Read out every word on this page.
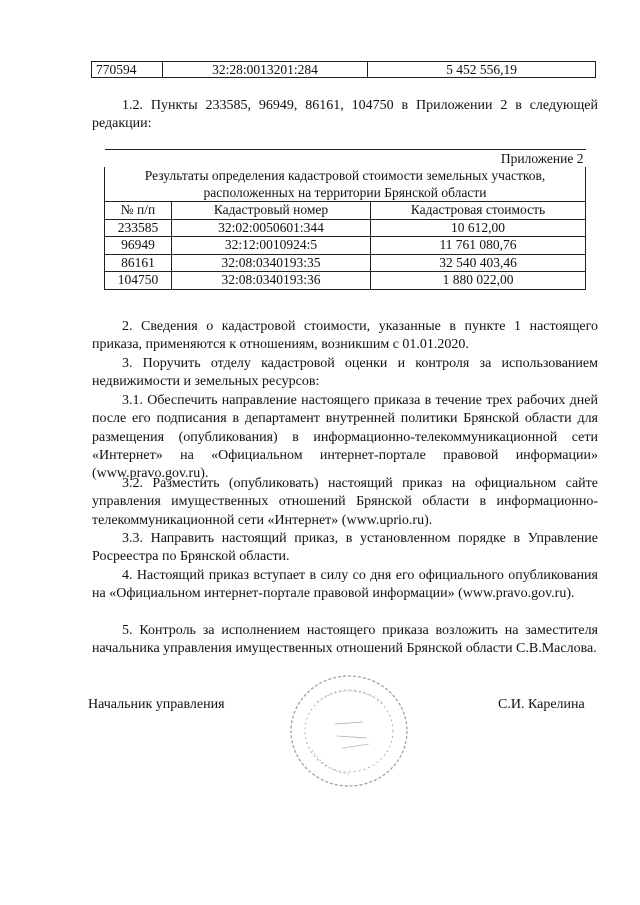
770594	32:28:0013201:284	5 452 556,19

1.2. Пункты 233585, 96949, 86161, 104750 в Приложении 2 в следующей редакции:

Приложение 2		
Результаты определения кадастровой стоимости земельных участков, расположенных на территории Брянской области		
№ п/п	Кадастровый номер	Кадастровая стоимость
233585	32:02:0050601:344	10 612,00
96949	32:12:0010924:5	11 761 080,76
86161	32:08:0340193:35	32 540 403,46
104750	32:08:0340193:36	1 880 022,00

2. Сведения о кадастровой стоимости, указанные в пункте 1 настоящего приказа, применяются к отношениям, возникшим с 01.01.2020.

3. Поручить отделу кадастровой оценки и контроля за использованием недвижимости и земельных ресурсов:

3.1. Обеспечить направление настоящего приказа в течение трех рабочих дней после его подписания в департамент внутренней политики Брянской области для размещения (опубликования) в информационно-телекоммуникационной сети «Интернет» на «Официальном интернет-портале правовой информации» (www.pravo.gov.ru).

3.2. Разместить (опубликовать) настоящий приказ на официальном сайте управления имущественных отношений Брянской области в информационно-телекоммуникационной сети «Интернет» (www.uprio.ru).

3.3. Направить настоящий приказ, в установленном порядке в Управление Росреестра по Брянской области.

4. Настоящий приказ вступает в силу со дня его официального опубликования на «Официальном интернет-портале правовой информации» (www.pravo.gov.ru).

5. Контроль за исполнением настоящего приказа возложить на заместителя начальника управления имущественных отношений Брянской области С.В.Маслова.

Начальник управления	С.И. Карелина
